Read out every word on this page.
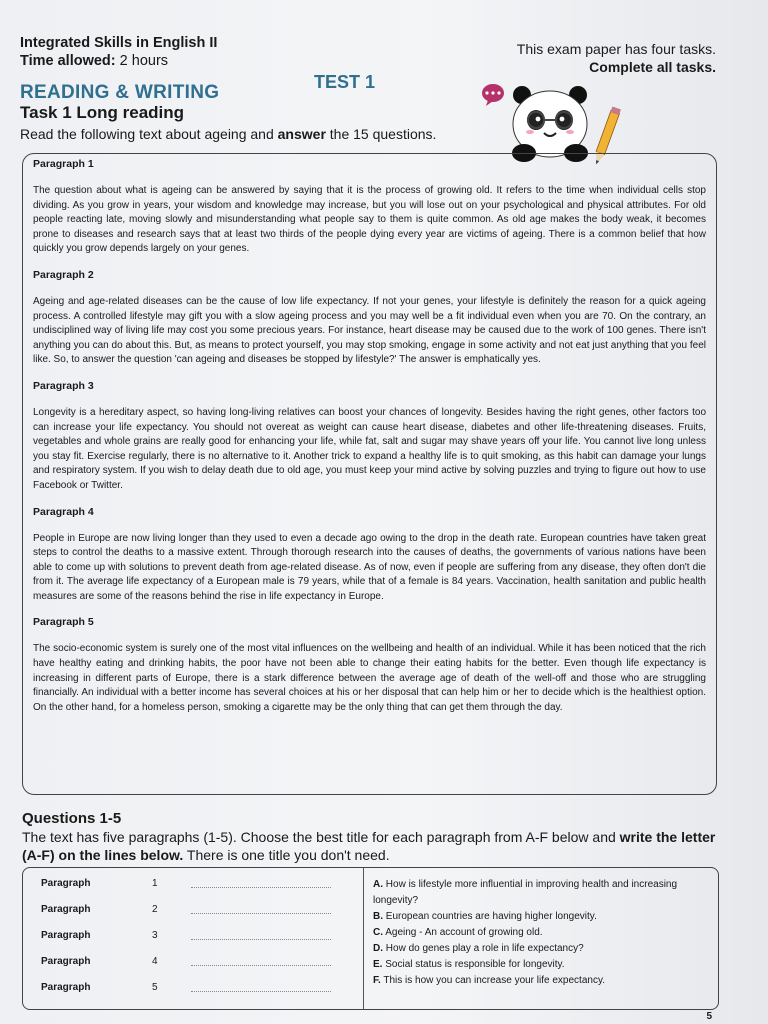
Integrated Skills in English II
Time allowed: 2 hours
This exam paper has four tasks.
Complete all tasks.
TEST 1
READING & WRITING
Task 1 Long reading
Read the following text about ageing and answer the 15 questions.
Paragraph 1
The question about what is ageing can be answered by saying that it is the process of growing old. It refers to the time when individual cells stop dividing. As you grow in years, your wisdom and knowledge may increase, but you will lose out on your psychological and physical attributes. For old people reacting late, moving slowly and misunderstanding what people say to them is quite common. As old age makes the body weak, it becomes prone to diseases and research says that at least two thirds of the people dying every year are victims of ageing. There is a common belief that how quickly you grow depends largely on your genes.
Paragraph 2
Ageing and age-related diseases can be the cause of low life expectancy. If not your genes, your lifestyle is definitely the reason for a quick ageing process. A controlled lifestyle may gift you with a slow ageing process and you may well be a fit individual even when you are 70. On the contrary, an undisciplined way of living life may cost you some precious years. For instance, heart disease may be caused due to the work of 100 genes. There isn't anything you can do about this. But, as means to protect yourself, you may stop smoking, engage in some activity and not eat just anything that you feel like. So, to answer the question 'can ageing and diseases be stopped by lifestyle?' The answer is emphatically yes.
Paragraph 3
Longevity is a hereditary aspect, so having long-living relatives can boost your chances of longevity. Besides having the right genes, other factors too can increase your life expectancy. You should not overeat as weight can cause heart disease, diabetes and other life-threatening diseases. Fruits, vegetables and whole grains are really good for enhancing your life, while fat, salt and sugar may shave years off your life. You cannot live long unless you stay fit. Exercise regularly, there is no alternative to it. Another trick to expand a healthy life is to quit smoking, as this habit can damage your lungs and respiratory system. If you wish to delay death due to old age, you must keep your mind active by solving puzzles and trying to figure out how to use Facebook or Twitter.
Paragraph 4
People in Europe are now living longer than they used to even a decade ago owing to the drop in the death rate. European countries have taken great steps to control the deaths to a massive extent. Through thorough research into the causes of deaths, the governments of various nations have been able to come up with solutions to prevent death from age-related disease. As of now, even if people are suffering from any disease, they often don't die from it. The average life expectancy of a European male is 79 years, while that of a female is 84 years. Vaccination, health sanitation and public health measures are some of the reasons behind the rise in life expectancy in Europe.
Paragraph 5
The socio-economic system is surely one of the most vital influences on the wellbeing and health of an individual. While it has been noticed that the rich have healthy eating and drinking habits, the poor have not been able to change their eating habits for the better. Even though life expectancy is increasing in different parts of Europe, there is a stark difference between the average age of death of the well-off and those who are struggling financially. An individual with a better income has several choices at his or her disposal that can help him or her to decide which is the healthiest option. On the other hand, for a homeless person, smoking a cigarette may be the only thing that can get them through the day.
Questions 1-5
The text has five paragraphs (1-5). Choose the best title for each paragraph from A-F below and write the letter (A-F) on the lines below. There is one title you don't need.
Paragraph	1
Paragraph	2
Paragraph	3
Paragraph	4
Paragraph	5
A. How is lifestyle more influential in improving health and increasing longevity?
B. European countries are having higher longevity.
C. Ageing - An account of growing old.
D. How do genes play a role in life expectancy?
E. Social status is responsible for longevity.
F. This is how you can increase your life expectancy.
5
